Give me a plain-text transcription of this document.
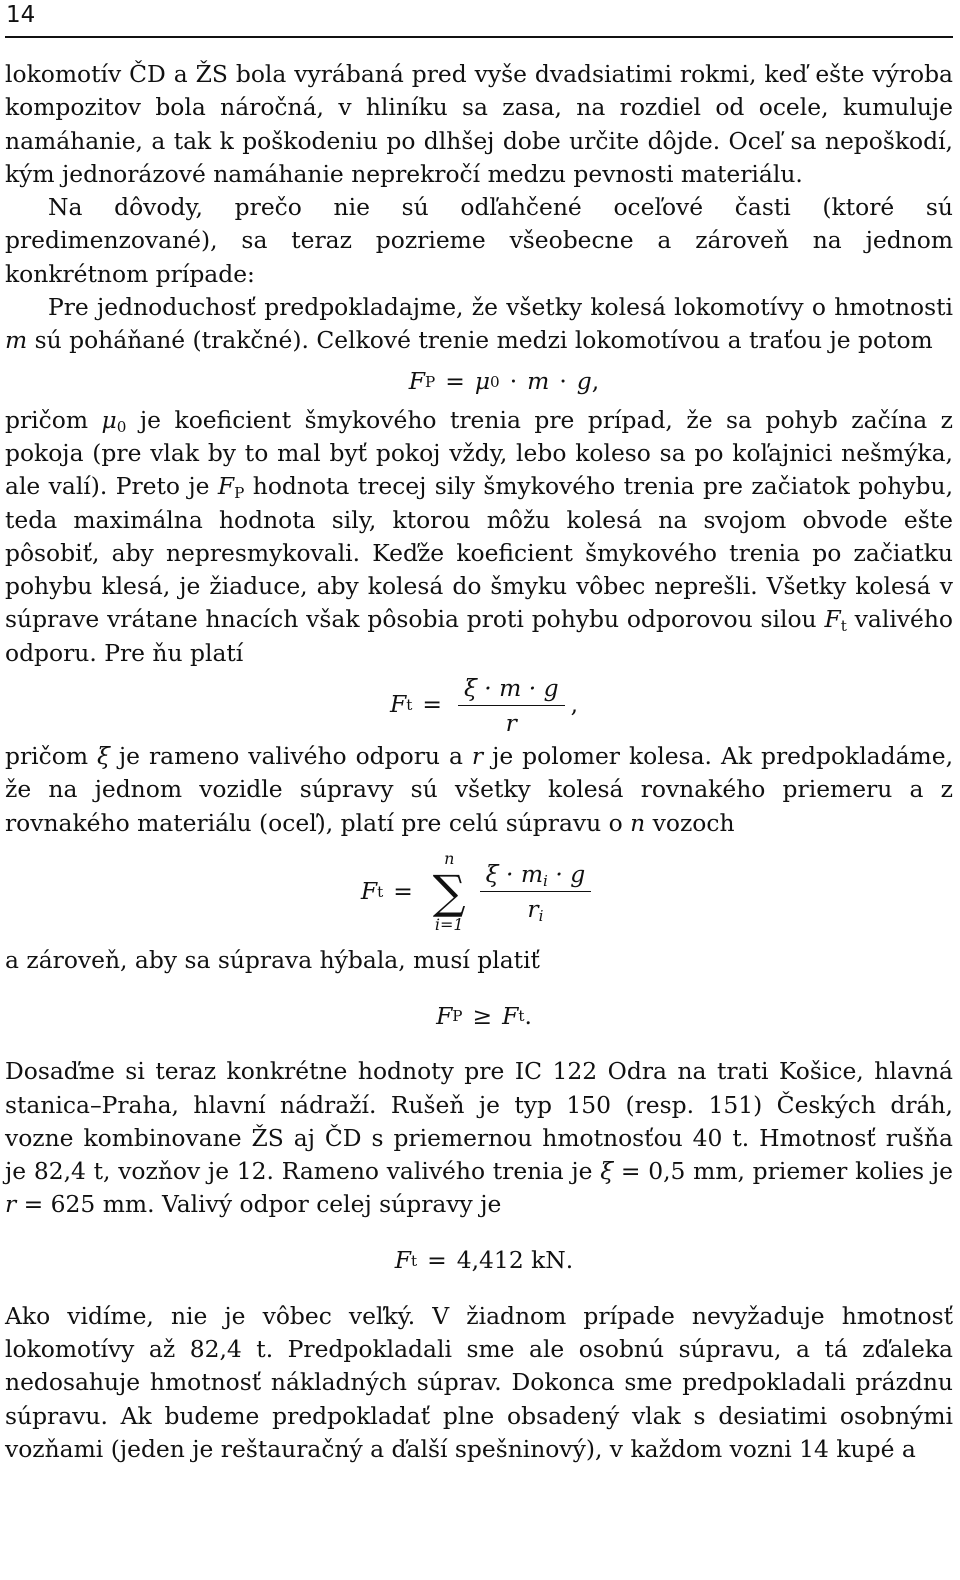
14

lokomotív ČD a ŽS bola vyrábaná pred vyše dvadsiatimi rokmi, keď ešte výroba kompozitov bola náročná, v hliníku sa zasa, na rozdiel od ocele, kumuluje namáhanie, a tak k poškodeniu po dlhšej dobe určite dôjde. Oceľ sa nepoškodí, kým jednorázové namáhanie neprekročí medzu pevnosti materiálu.

Na dôvody, prečo nie sú odľahčené oceľové časti (ktoré sú predimenzované), sa teraz pozrieme všeobecne a zároveň na jednom konkrétnom prípade:

Pre jednoduchosť predpokladajme, že všetky kolesá lokomotívy o hmotnosti m sú poháňané (trakčné). Celkové trenie medzi lokomotívou a traťou je potom

F P = μ 0 · m · g ,

pričom $\mu_0$ je koeficient šmykového trenia pre prípad, že sa pohyb začína z pokoja (pre vlak by to mal byť pokoj vždy, lebo koleso sa po koľajnici nešmýka, ale valí). Preto je $F_P$ hodnota trecej sily šmykového trenia pre začiatok pohybu, teda maximálna hodnota sily, ktorou môžu kolesá na svojom obvode ešte pôsobiť, aby nepresmykovali. Keďže koeficient šmykového trenia po začiatku pohybu klesá, je žiaduce, aby kolesá do šmyku vôbec neprešli. Všetky kolesá v súprave vrátane hnacích však pôsobia proti pohybu odporovou silou $F_t$ valivého odporu. Pre ňu platí

F $t = \frac{\xi \cdot m \cdot g}{r}$ ,

pričom ξ je rameno valivého odporu a r je polomer kolesa. Ak predpokladáme, že na jednom vozidle súpravy sú všetky kolesá rovnakého priemeru a z rovnakého materiálu (oceľ), platí pre celú súpravu o n vozoch

F t =
n
∑
$i=1 \frac{\xi \cdot m_i \cdot g}{r_i}$

a zároveň, aby sa súprava hýbala, musí platiť

F P ≥ F t .

Dosaďme si teraz konkrétne hodnoty pre IC 122 Odra na trati Košice, hlavná stanica–Praha, hlavní nádraží. Rušeň je typ 150 (resp. 151) Českých dráh, vozne kombinovane ŽS aj ČD s priemernou hmotnosťou 40 t. Hmotnosť rušňa je 82,4 t, vozňov je 12. Rameno valivého trenia je ξ = 0,5 mm, priemer kolies je r = 625 mm. Valivý odpor celej súpravy je

F t = 4,412 kN .

Ako vidíme, nie je vôbec veľký. V žiadnom prípade nevyžaduje hmotnosť lokomotívy až 82,4 t. Predpokladali sme ale osobnú súpravu, a tá zďaleka nedosahuje hmotnosť nákladných súprav. Dokonca sme predpokladali prázdnu súpravu. Ak budeme predpokladať plne obsadený vlak s desiatimi osobnými vozňami (jeden je reštauračný a ďalší spešninový), v každom vozni 14 kupé a
